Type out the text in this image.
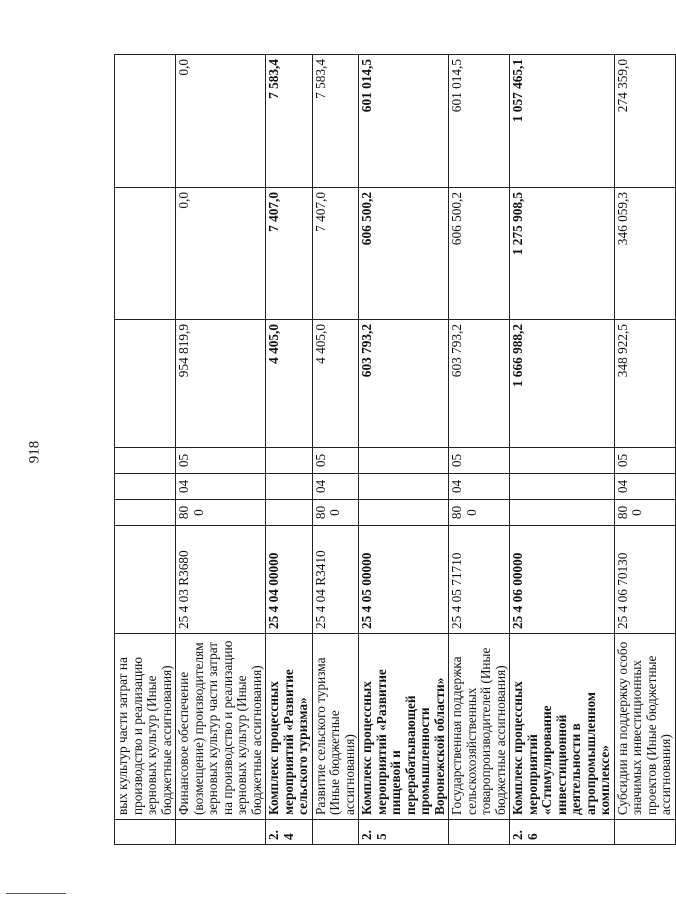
918
	вых культур части затрат на производство и реализацию зерновых культур (Иные бюджетные ассигнования)							
	Финансовое обеспечение (возмещение) производителям зерновых культур части затрат на производство и реализацию зерновых культур (Иные бюджетные ассигнования)	25 4 03 R3680	800	04	05	954 819,9	0,0	0,0
2.4	Комплекс процессных мероприятий «Развитие сельского туризма»	25 4 04 00000				4 405,0	7 407,0	7 583,4
	Развитие сельского туризма (Иные бюджетные ассигнования)	25 4 04 R3410	800	04	05	4 405,0	7 407,0	7 583,4
2.5	Комплекс процессных мероприятий «Развитие пищевой и перерабатывающей промышленности Воронежской области»	25 4 05 00000				603 793,2	606 500,2	601 014,5
	Государственная поддержка сельскохозяйственных товаропроизводителей (Иные бюджетные ассигнования)	25 4 05 71710	800	04	05	603 793,2	606 500,2	601 014,5
2.6	Комплекс процессных мероприятий «Стимулирование инвестиционной деятельности в агропромышленном комплексе»	25 4 06 00000				1 666 988,2	1 275 908,5	1 057 465,1
	Субсидии на поддержку особо значимых инвестиционных проектов (Иные бюджетные ассигнования)	25 4 06 70130	800	04	05	348 922,5	346 059,3	274 359,0
